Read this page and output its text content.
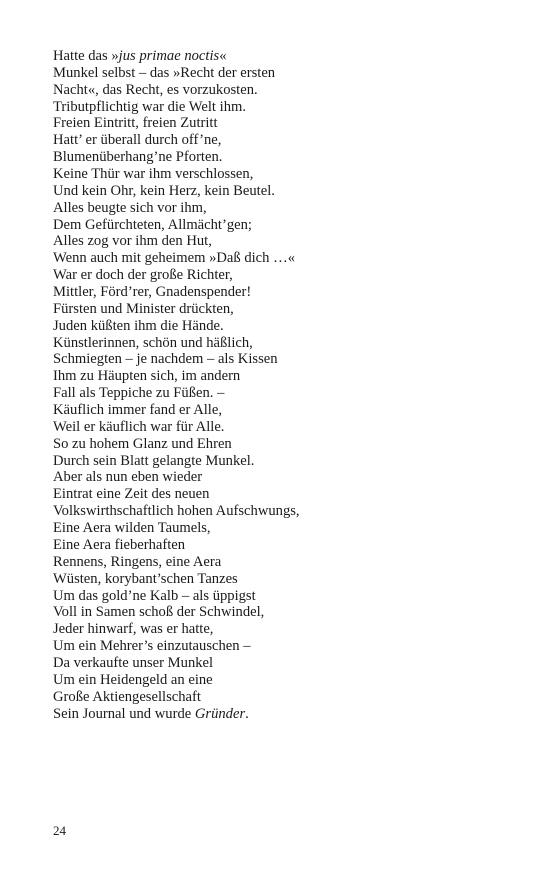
Hatte das »jus primae noctis«
Munkel selbst – das »Recht der ersten
Nacht«, das Recht, es vorzukosten.
Tributpflichtig war die Welt ihm.
Freien Eintritt, freien Zutritt
Hatt’ er überall durch off’ne,
Blumenüberhang’ne Pforten.
Keine Thür war ihm verschlossen,
Und kein Ohr, kein Herz, kein Beutel.
Alles beugte sich vor ihm,
Dem Gefürchteten, Allmächt’gen;
Alles zog vor ihm den Hut,
Wenn auch mit geheimem »Daß dich …«
War er doch der große Richter,
Mittler, Förd’rer, Gnadenspender!
Fürsten und Minister drückten,
Juden küßten ihm die Hände.
Künstlerinnen, schön und häßlich,
Schmiegten – je nachdem – als Kissen
Ihm zu Häupten sich, im andern
Fall als Teppiche zu Füßen. –
Käuflich immer fand er Alle,
Weil er käuflich war für Alle.
So zu hohem Glanz und Ehren
Durch sein Blatt gelangte Munkel.
Aber als nun eben wieder
Eintrat eine Zeit des neuen
Volkswirthschaftlich hohen Aufschwungs,
Eine Aera wilden Taumels,
Eine Aera fieberhaften
Rennens, Ringens, eine Aera
Wüsten, korybant’schen Tanzes
Um das gold’ne Kalb – als üppigst
Voll in Samen schoß der Schwindel,
Jeder hinwarf, was er hatte,
Um ein Mehrer’s einzutauschen –
Da verkaufte unser Munkel
Um ein Heidengeld an eine
Große Aktiengesellschaft
Sein Journal und wurde Gründer.
24
